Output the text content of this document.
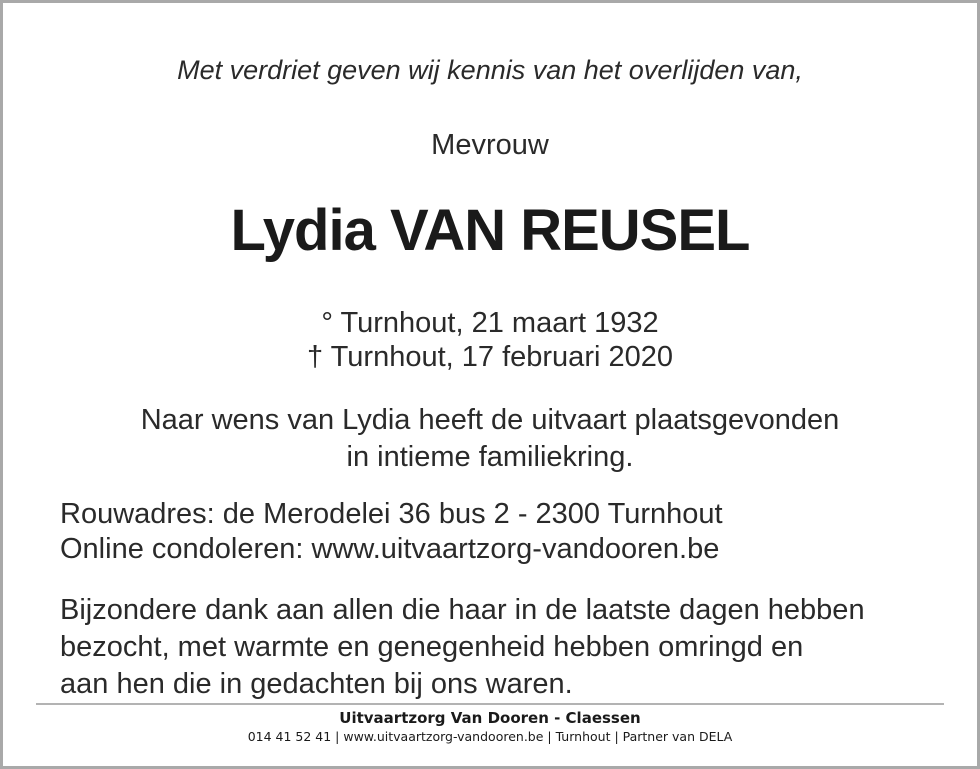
Met verdriet geven wij kennis van het overlijden van,
Mevrouw
Lydia VAN REUSEL
° Turnhout, 21 maart 1932
† Turnhout, 17 februari 2020
Naar wens van Lydia heeft de uitvaart plaatsgevonden
in intieme familiekring.
Rouwadres: de Merodelei 36 bus 2 - 2300 Turnhout
Online condoleren: www.uitvaartzorg-vandooren.be
Bijzondere dank aan allen die haar in de laatste dagen hebben
bezocht, met warmte en genegenheid hebben omringd en
aan hen die in gedachten bij ons waren.
Uitvaartzorg Van Dooren - Claessen
014 41 52 41 | www.uitvaartzorg-vandooren.be | Turnhout | Partner van DELA
